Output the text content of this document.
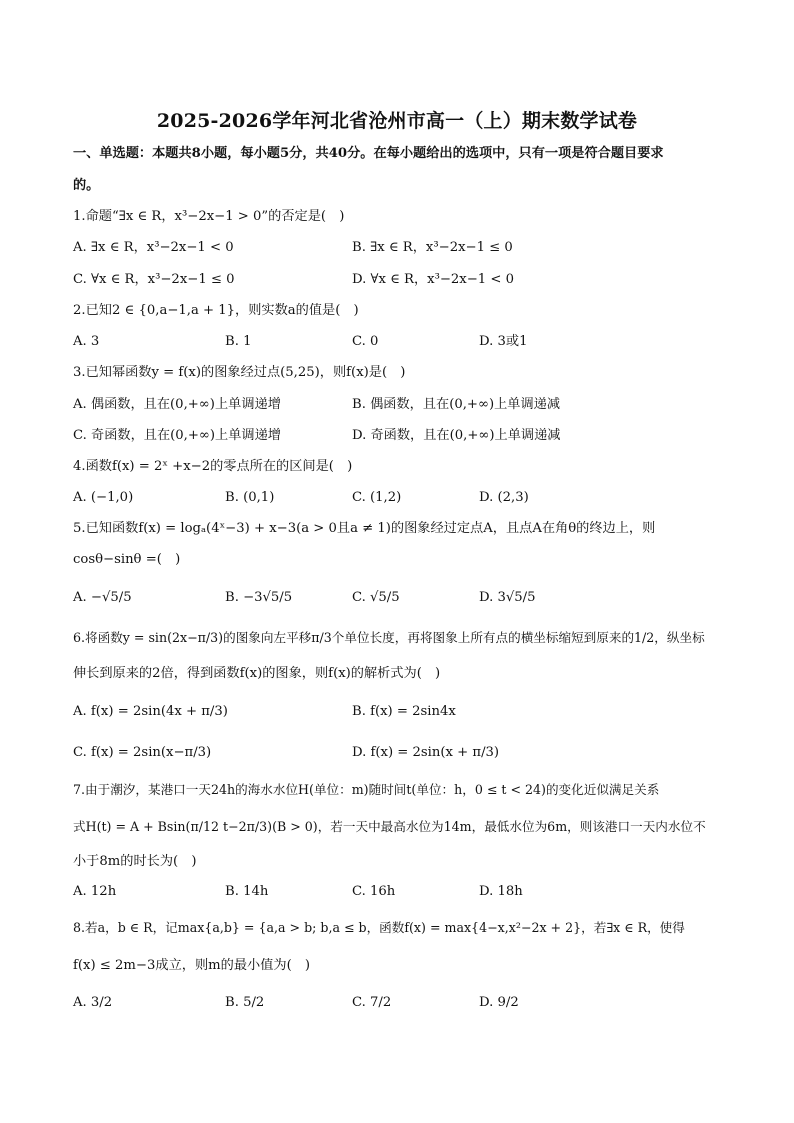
2025-2026学年河北省沧州市高一（上）期末数学试卷
一、单选题：本题共8小题，每小题5分，共40分。在每小题给出的选项中，只有一项是符合题目要求
的。
1.命题“∃x ∈ R，x³−2x−1 > 0”的否定是(　)
A. ∃x ∈ R，x³−2x−1 < 0	B. ∃x ∈ R，x³−2x−1 ≤ 0
C. ∀x ∈ R，x³−2x−1 ≤ 0	D. ∀x ∈ R，x³−2x−1 < 0
2.已知2 ∈ {0,a−1,a + 1}，则实数a的值是(　)
A. 3	B. 1	C. 0	D. 3或1
3.已知幂函数y = f(x)的图象经过点(5,25)，则f(x)是(　)
A. 偶函数，且在(0,+∞)上单调递增	B. 偶函数，且在(0,+∞)上单调递减
C. 奇函数，且在(0,+∞)上单调递增	D. 奇函数，且在(0,+∞)上单调递减
4.函数f(x) = 2ˣ +x−2的零点所在的区间是(　)
A. (−1,0)	B. (0,1)	C. (1,2)	D. (2,3)
5.已知函数f(x) = logₐ(4ˣ−3) + x−3(a > 0且a ≠ 1)的图象经过定点A，且点A在角θ的终边上，则
cosθ−sinθ =(　)
A. −√5/5	B. −3√5/5	C. √5/5	D. 3√5/5
6.将函数y = sin(2x−π/3)的图象向左平移π/3个单位长度，再将图象上所有点的横坐标缩短到原来的1/2，纵坐标
伸长到原来的2倍，得到函数f(x)的图象，则f(x)的解析式为(　)
A. f(x) = 2sin(4x + π/3)	B. f(x) = 2sin4x
C. f(x) = 2sin(x−π/3)	D. f(x) = 2sin(x + π/3)
7.由于潮汐，某港口一天24h的海水水位H(单位：m)随时间t(单位：h，0 ≤ t < 24)的变化近似满足关系
式H(t) = A + Bsin(π/12 t−2π/3)(B > 0)，若一天中最高水位为14m，最低水位为6m，则该港口一天内水位不
小于8m的时长为(　)
A. 12h	B. 14h	C. 16h	D. 18h
8.若a，b ∈ R，记max{a,b} = {a,a > b; b,a ≤ b，函数f(x) = max{4−x,x²−2x + 2}，若∃x ∈ R，使得
f(x) ≤ 2m−3成立，则m的最小值为(　)
A. 3/2	B. 5/2	C. 7/2	D. 9/2
